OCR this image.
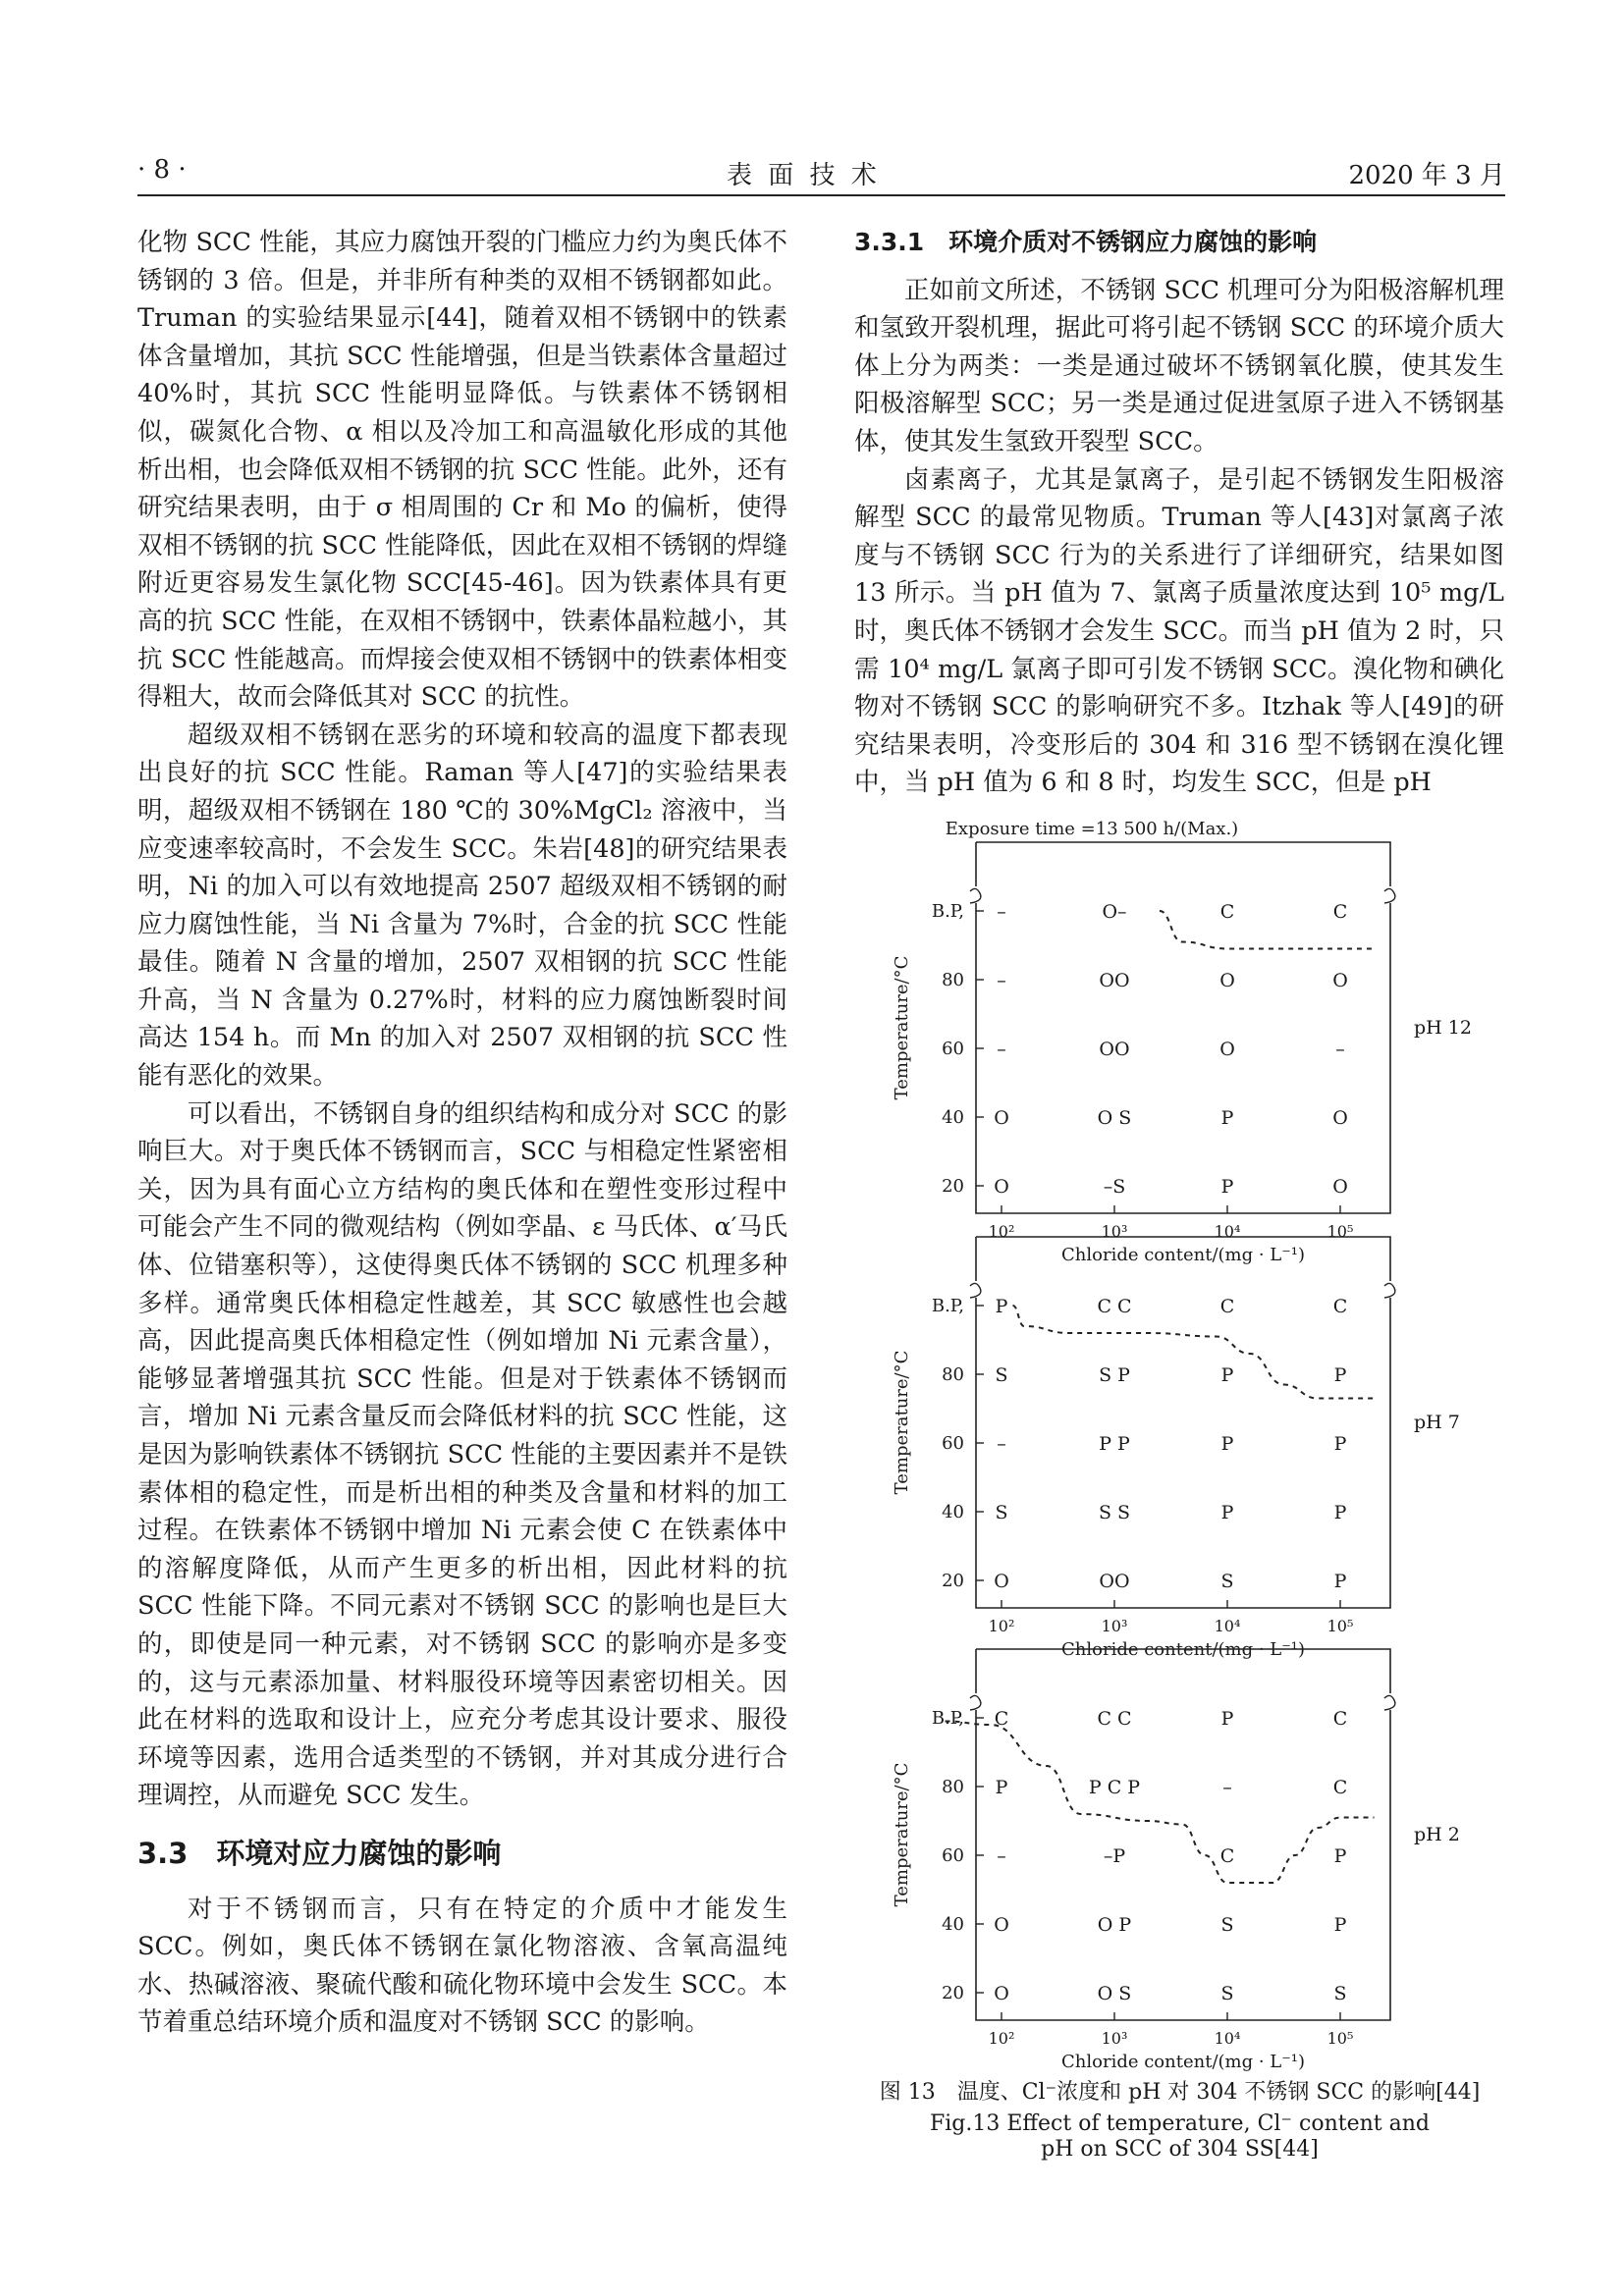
· 8 ·	表 面 技 术	2020 年 3 月

化物 SCC 性能，其应力腐蚀开裂的门槛应力约为奥氏体不锈钢的 3 倍。但是，并非所有种类的双相不锈钢都如此。Truman 的实验结果显示[44]，随着双相不锈钢中的铁素体含量增加，其抗 SCC 性能增强，但是当铁素体含量超过 40%时，其抗 SCC 性能明显降低。与铁素体不锈钢相似，碳氮化合物、α 相以及冷加工和高温敏化形成的其他析出相，也会降低双相不锈钢的抗 SCC 性能。此外，还有研究结果表明，由于 σ 相周围的 Cr 和 Mo 的偏析，使得双相不锈钢的抗 SCC 性能降低，因此在双相不锈钢的焊缝附近更容易发生氯化物 SCC[45-46]。因为铁素体具有更高的抗 SCC 性能，在双相不锈钢中，铁素体晶粒越小，其抗 SCC 性能越高。而焊接会使双相不锈钢中的铁素体相变得粗大，故而会降低其对 SCC 的抗性。

超级双相不锈钢在恶劣的环境和较高的温度下都表现出良好的抗 SCC 性能。Raman 等人[47]的实验结果表明，超级双相不锈钢在 180 ℃的 30%MgCl₂ 溶液中，当应变速率较高时，不会发生 SCC。朱岩[48]的研究结果表明，Ni 的加入可以有效地提高 2507 超级双相不锈钢的耐应力腐蚀性能，当 Ni 含量为 7%时，合金的抗 SCC 性能最佳。随着 N 含量的增加，2507 双相钢的抗 SCC 性能升高，当 N 含量为 0.27%时，材料的应力腐蚀断裂时间高达 154 h。而 Mn 的加入对 2507 双相钢的抗 SCC 性能有恶化的效果。

可以看出，不锈钢自身的组织结构和成分对 SCC 的影响巨大。对于奥氏体不锈钢而言，SCC 与相稳定性紧密相关，因为具有面心立方结构的奥氏体和在塑性变形过程中可能会产生不同的微观结构（例如孪晶、ε 马氏体、α′马氏体、位错塞积等），这使得奥氏体不锈钢的 SCC 机理多种多样。通常奥氏体相稳定性越差，其 SCC 敏感性也会越高，因此提高奥氏体相稳定性（例如增加 Ni 元素含量），能够显著增强其抗 SCC 性能。但是对于铁素体不锈钢而言，增加 Ni 元素含量反而会降低材料的抗 SCC 性能，这是因为影响铁素体不锈钢抗 SCC 性能的主要因素并不是铁素体相的稳定性，而是析出相的种类及含量和材料的加工过程。在铁素体不锈钢中增加 Ni 元素会使 C 在铁素体中的溶解度降低，从而产生更多的析出相，因此材料的抗 SCC 性能下降。不同元素对不锈钢 SCC 的影响也是巨大的，即使是同一种元素，对不锈钢 SCC 的影响亦是多变的，这与元素添加量、材料服役环境等因素密切相关。因此在材料的选取和设计上，应充分考虑其设计要求、服役环境等因素，选用合适类型的不锈钢，并对其成分进行合理调控，从而避免 SCC 发生。

3.3　环境对应力腐蚀的影响

对于不锈钢而言，只有在特定的介质中才能发生 SCC。例如，奥氏体不锈钢在氯化物溶液、含氧高温纯水、热碱溶液、聚硫代酸和硫化物环境中会发生 SCC。本节着重总结环境介质和温度对不锈钢 SCC 的影响。

3.3.1　环境介质对不锈钢应力腐蚀的影响

正如前文所述，不锈钢 SCC 机理可分为阳极溶解机理和氢致开裂机理，据此可将引起不锈钢 SCC 的环境介质大体上分为两类：一类是通过破坏不锈钢氧化膜，使其发生阳极溶解型 SCC；另一类是通过促进氢原子进入不锈钢基体，使其发生氢致开裂型 SCC。

卤素离子，尤其是氯离子，是引起不锈钢发生阳极溶解型 SCC 的最常见物质。Truman 等人[43]对氯离子浓度与不锈钢 SCC 行为的关系进行了详细研究，结果如图 13 所示。当 pH 值为 7、氯离子质量浓度达到 10⁵ mg/L 时，奥氏体不锈钢才会发生 SCC。而当 pH 值为 2 时，只需 10⁴ mg/L 氯离子即可引发不锈钢 SCC。溴化物和碘化物对不锈钢 SCC 的影响研究不多。Itzhak 等人[49]的研究结果表明，冷变形后的 304 和 316 型不锈钢在溴化锂中，当 pH 值为 6 和 8 时，均发生 SCC，但是 pH

Exposure time =13 500 h/(Max.)
B.P,
80
60
40
20
10²	10³	10⁴	10⁵
Chloride content/(mg · L⁻¹)
Temperature/°C	pH 12
–	O–	C	C
–	OO	O	O
–	OO	O	–
O	O S	P	O
O	–S	P	O
B.P,
80
60
40
20
10²	10³	10⁴	10⁵
Chloride content/(mg · L⁻¹)
Temperature/°C	pH 7
P	C C	C	C
S	S P	P	P
–	P P	P	P
S	S S	P	P
O	OO	S	P
B.P,
80
60
40
20
10²	10³	10⁴	10⁵
Chloride content/(mg · L⁻¹)
Temperature/°C	pH 2
C	C C	P	C
P	P C P	–	C
–	–P	C	P
O	O P	S	P
O	O S	S	S
图 13　温度、Cl⁻浓度和 pH 对 304 不锈钢 SCC 的影响[44]
Fig.13 Effect of temperature, Cl⁻ content and
pH on SCC of 304 SS[44]
